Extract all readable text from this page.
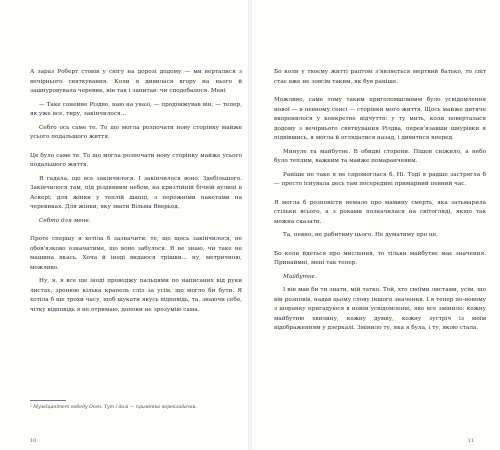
А зараз Роберт стовів у снігу на дорозі додому — ми верталися з вечірнього святкування. Коли я дивилася вгору на нього й зашнуровувала черевик, він так і запитав: чи сподобалося. Мені

— Таке сонейне Різдво, наю на увазі, — продовжував він, — тепер, як уже все, тиру, закінчилося...

Себто ось саме те. То що могла розпочати нову сторінку майже усього подальшого життя.

Це було саме те. То що могла розпочати нову сторінку майже усього подальшого життя.

Я гадала, що все закінчилося. І закінчилося воно. Здебільшого. Закінчилося там, під різдвяним небом, на кризтійній бічній вулиці в Аскері; для жінки у теплій шапці, з порожніми пакетами на черевиках. Для жінки, яку звати Вільма Вверьод.

Себто для мене.

Проте спершу я хотіла б зазначити: те, що щось закінчилося, не обов’язково означатиме, що воно забулося. Я не знаю, чи таке не машина якась. Хоча й іноді видаюся трішки... ну, метричною, можливо.

Ну, я, я все ще іноді проводжу пальцями по написаних від руки листах, зронюю кілька крапель сліз за усім, що могло би бути. Я хотіла б ще трохи часу, щоб шукати якусь відповідь, та, знаючи себе, чітку відповідь я не отримаю, допоки не зрозумію сама.

¹ Музеїцанітет победу Осен. Тут і далі — примітка перекладачки.
10

Бо коли у твоєму житті раптом з’являється мертвий батько, то світ стає вже не зовсім таким, як був раніше.

Можливо, саме тому таким приголомшливим було усвідомлення нової — в певному сенсі — сторінки мого життя. Щось майже дитяче вкоренилося у конкретне відчуття: у ту мить, коли поверталася додому з вечірнього святкування Різдва, перев’язавши шнурівки я підвівшись, я могла й оглядатися назад, і дивитися вперед.

Минуле та майбутнє. В обидві сторони. Пішов сніжило, а небо було теплим, важким та майже помаранчевим.

Раніше не таке я не спромоглася б. Ні. Тоді я радше застрягла б — просто існувала десь там посередині примарний певний час.

Я могла б розповісти немало про маминy смерть, яка затьмарила стільки всього, а з роками позначилася на світоглядi, якщо так можна сказати.

Та, певно, не робитиму цього. Не думатиму про це.

Бо коли йдеться про мислення, то тільки майбутнє має значення. Принаймні, мені так тепер.

Майбутнє.

І він мав би ти знати, мій татко. Той, хто своїми листами, усім, що він розповів, надав цьому слову іншого значення. І я тепер по-новому з шоранку пригадуюся в новім усвідомленні, яке все змінило: кожну майбутню хвилину, кожну думку, кожну зустріч із моїм відображенням у дзеркалі. Змінило ту, яка я була, і ту, якою стала.

11
